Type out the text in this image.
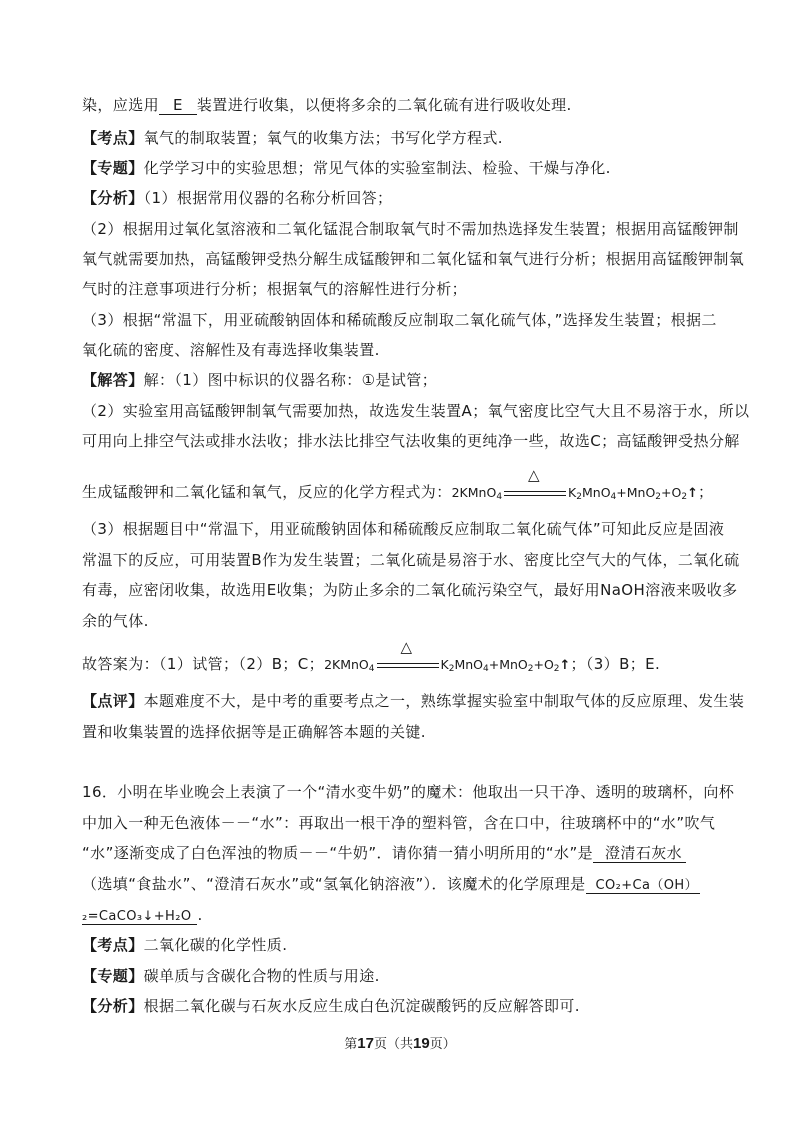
染，应选用 E 装置进行收集，以便将多余的二氧化硫有进行吸收处理.
【考点】氧气的制取装置；氧气的收集方法；书写化学方程式.
【专题】化学学习中的实验思想；常见气体的实验室制法、检验、干燥与净化.
【分析】（1）根据常用仪器的名称分析回答；
（2）根据用过氧化氢溶液和二氧化锰混合制取氧气时不需加热选择发生装置；根据用高锰酸钾制
氧气就需要加热，高锰酸钾受热分解生成锰酸钾和二氧化锰和氧气进行分析；根据用高锰酸钾制氧
气时的注意事项进行分析；根据氧气的溶解性进行分析；
（3）根据“常温下，用亚硫酸钠固体和稀硫酸反应制取二氧化硫气体，”选择发生装置；根据二
氧化硫的密度、溶解性及有毒选择收集装置.
【解答】解：（1）图中标识的仪器名称：①是试管；
（2）实验室用高锰酸钾制氧气需要加热，故选发生装置A；氧气密度比空气大且不易溶于水，所以
可用向上排空气法或排水法收；排水法比排空气法收集的更纯净一些，故选C；高锰酸钾受热分解
生成锰酸钾和二氧化锰和氧气，反应的化学方程式为：2KMnO$_4$
△
$K_2MnO_4+MnO_2+O_2↑$；
（3）根据题目中“常温下，用亚硫酸钠固体和稀硫酸反应制取二氧化硫气体”可知此反应是固液
常温下的反应，可用装置B作为发生装置；二氧化硫是易溶于水、密度比空气大的气体，二氧化硫
有毒，应密闭收集，故选用E收集；为防止多余的二氧化硫污染空气，最好用NaOH溶液来吸收多
余的气体.
故答案为：（1）试管；（2）B；C；2KMnO$_4$
△
$K_2MnO_4+MnO_2+O_2↑$；（3）B；E.
【点评】本题难度不大，是中考的重要考点之一，熟练掌握实验室中制取气体的反应原理、发生装
置和收集装置的选择依据等是正确解答本题的关键.
16．小明在毕业晚会上表演了一个“清水变牛奶”的魔术：他取出一只干净、透明的玻璃杯，向杯
中加入一种无色液体－－“水”：再取出一根干净的塑料管，含在口中，往玻璃杯中的“水”吹气
“水”逐渐变成了白色浑浊的物质－－“牛奶”．请你猜一猜小明所用的“水”是 澄清石灰水
（选填“食盐水”、“澄清石灰水”或“氢氧化钠溶液”）．该魔术的化学原理是 CO₂+Ca（OH）
₂=CaCO₃↓+H₂O .
【考点】二氧化碳的化学性质.
【专题】碳单质与含碳化合物的性质与用途.
【分析】根据二氧化碳与石灰水反应生成白色沉淀碳酸钙的反应解答即可.
第17页（共19页）
